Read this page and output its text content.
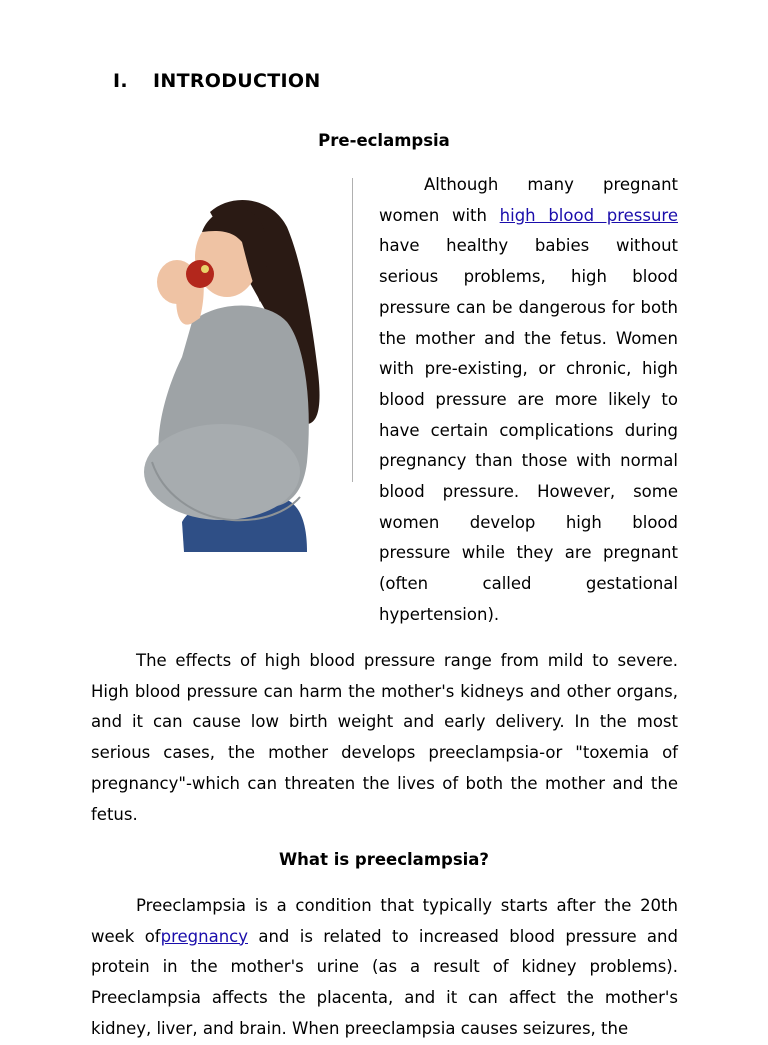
I. INTRODUCTION
Pre-eclampsia

Although many pregnant women with high blood pressure have healthy babies without serious problems, high blood pressure can be dangerous for both the mother and the fetus. Women with pre-existing, or chronic, high blood pressure are more likely to have certain complications during pregnancy than those with normal blood pressure. However, some women develop high blood pressure while they are pregnant (often called gestational hypertension).

The effects of high blood pressure range from mild to severe. High blood pressure can harm the mother's kidneys and other organs, and it can cause low birth weight and early delivery. In the most serious cases, the mother develops preeclampsia-or "toxemia of pregnancy"-which can threaten the lives of both the mother and the fetus.

What is preeclampsia?

Preeclampsia is a condition that typically starts after the 20th week ofpregnancy and is related to increased blood pressure and protein in the mother's urine (as a result of kidney problems). Preeclampsia affects the placenta, and it can affect the mother's kidney, liver, and brain. When preeclampsia causes seizures, the
